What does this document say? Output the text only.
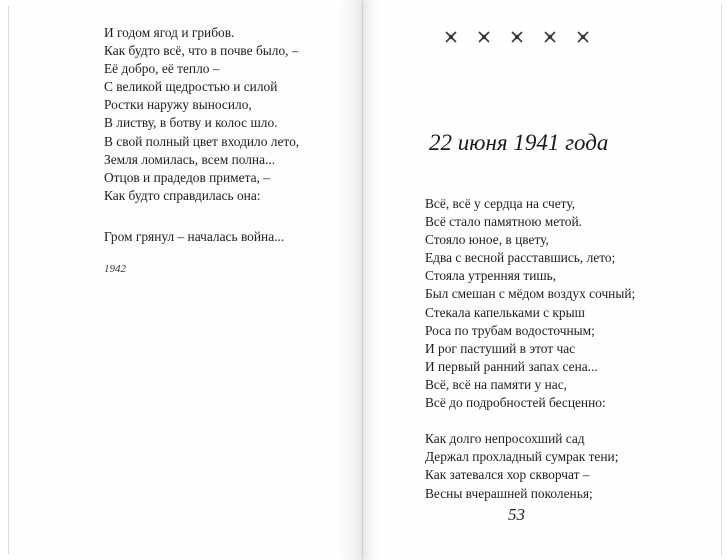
И годом ягод и грибов.
Как будто всё, что в почве было, –
Её добро, её тепло –
С великой щедростью и силой
Ростки наружу выносило,
В листву, в ботву и колос шло.
В свой полный цвет входило лето,
Земля ломилась, всем полна...
Отцов и прадедов примета, –
Как будто справдилась она:
Гром грянул – началась война...
1942
22 июня 1941 года
Всё, всё у сердца на счету,
Всё стало памятною метой.
Стояло юное, в цвету,
Едва с весной расставшись, лето;
Стояла утренняя тишь,
Был смешан с мёдом воздух сочный;
Стекала капельками с крыш
Роса по трубам водосточным;
И рог пастуший в этот час
И первый ранний запах сена...
Всё, всё на памяти у нас,
Всё до подробностей бесценно:
Как долго непросохший сад
Держал прохладный сумрак тени;
Как затевался хор скворчат –
Весны вчерашней поколенья;
53
